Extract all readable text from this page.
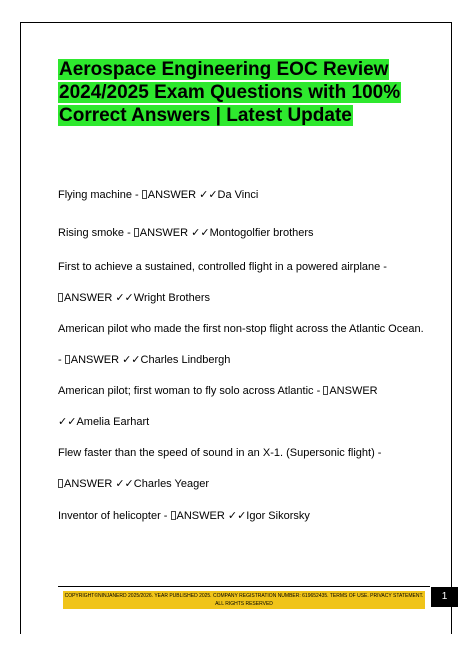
Aerospace Engineering EOC Review
2024/2025 Exam Questions with 100%
Correct Answers | Latest Update
Flying machine - ANSWER ✓✓Da Vinci
Rising smoke - ANSWER ✓✓Montogolfier brothers
First to achieve a sustained, controlled flight in a powered airplane -
ANSWER ✓✓Wright Brothers
American pilot who made the first non-stop flight across the Atlantic Ocean.
- ANSWER ✓✓Charles Lindbergh
American pilot; first woman to fly solo across Atlantic - ANSWER
✓✓Amelia Earhart
Flew faster than the speed of sound in an X-1. (Supersonic flight) -
ANSWER ✓✓Charles Yeager
Inventor of helicopter - ANSWER ✓✓Igor Sikorsky
COPYRIGHT©NINJANERD 2025/2026. YEAR PUBLISHED 2025. COMPANY REGISTRATION NUMBER: 619652435. TERMS OF USE. PRIVACY STATEMENT. ALL RIGHTS RESERVED
1
